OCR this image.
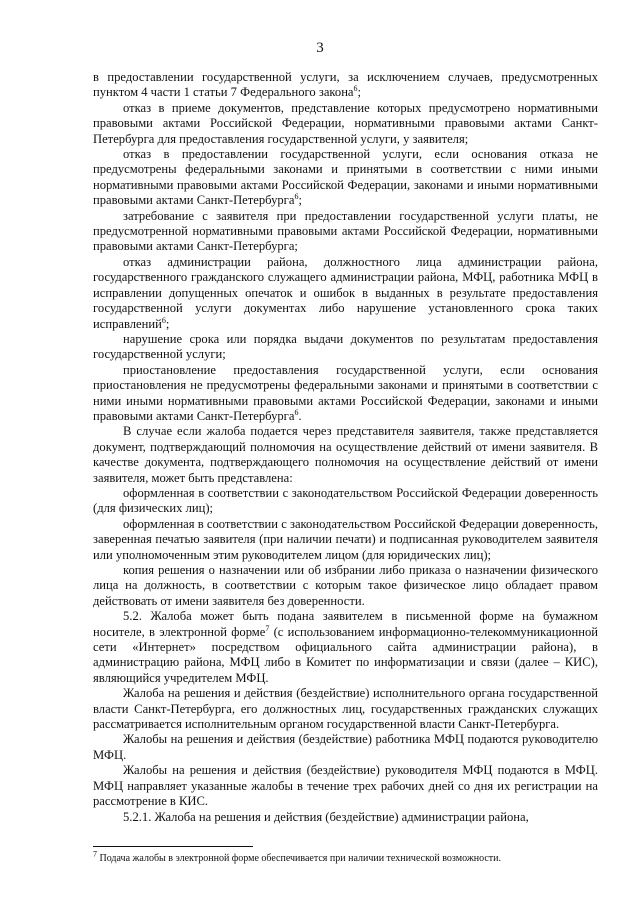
3

в предоставлении государственной услуги, за исключением случаев, предусмотренных пунктом 4 части 1 статьи 7 Федерального закона$^6$;

отказ в приеме документов, представление которых предусмотрено нормативными правовыми актами Российской Федерации, нормативными правовыми актами Санкт-Петербурга для предоставления государственной услуги, у заявителя;

отказ в предоставлении государственной услуги, если основания отказа не предусмотрены федеральными законами и принятыми в соответствии с ними иными нормативными правовыми актами Российской Федерации, законами и иными нормативными правовыми актами Санкт-Петербурга$^6$;

затребование с заявителя при предоставлении государственной услуги платы, не предусмотренной нормативными правовыми актами Российской Федерации, нормативными правовыми актами Санкт-Петербурга;

отказ администрации района, должностного лица администрации района, государственного гражданского служащего администрации района, МФЦ, работника МФЦ в исправлении допущенных опечаток и ошибок в выданных в результате предоставления государственной услуги документах либо нарушение установленного срока таких исправлений$^6$;

нарушение срока или порядка выдачи документов по результатам предоставления государственной услуги;

приостановление предоставления государственной услуги, если основания приостановления не предусмотрены федеральными законами и принятыми в соответствии с ними иными нормативными правовыми актами Российской Федерации, законами и иными правовыми актами Санкт-Петербурга$^6$.

В случае если жалоба подается через представителя заявителя, также представляется документ, подтверждающий полномочия на осуществление действий от имени заявителя. В качестве документа, подтверждающего полномочия на осуществление действий от имени заявителя, может быть представлена:

оформленная в соответствии с законодательством Российской Федерации доверенность (для физических лиц);

оформленная в соответствии с законодательством Российской Федерации доверенность, заверенная печатью заявителя (при наличии печати) и подписанная руководителем заявителя или уполномоченным этим руководителем лицом (для юридических лиц);

копия решения о назначении или об избрании либо приказа о назначении физического лица на должность, в соответствии с которым такое физическое лицо обладает правом действовать от имени заявителя без доверенности.

5.2. Жалоба может быть подана заявителем в письменной форме на бумажном носителе, в электронной форме$^7$ (с использованием информационно-телекоммуникационной сети «Интернет» посредством официального сайта администрации района), в администрацию района, МФЦ либо в Комитет по информатизации и связи (далее – КИС), являющийся учредителем МФЦ.

Жалоба на решения и действия (бездействие) исполнительного органа государственной власти Санкт-Петербурга, его должностных лиц, государственных гражданских служащих рассматривается исполнительным органом государственной власти Санкт-Петербурга.

Жалобы на решения и действия (бездействие) работника МФЦ подаются руководителю МФЦ.

Жалобы на решения и действия (бездействие) руководителя МФЦ подаются в МФЦ. МФЦ направляет указанные жалобы в течение трех рабочих дней со дня их регистрации на рассмотрение в КИС.

5.2.1. Жалоба на решения и действия (бездействие) администрации района,

$^7$ Подача жалобы в электронной форме обеспечивается при наличии технической возможности.
